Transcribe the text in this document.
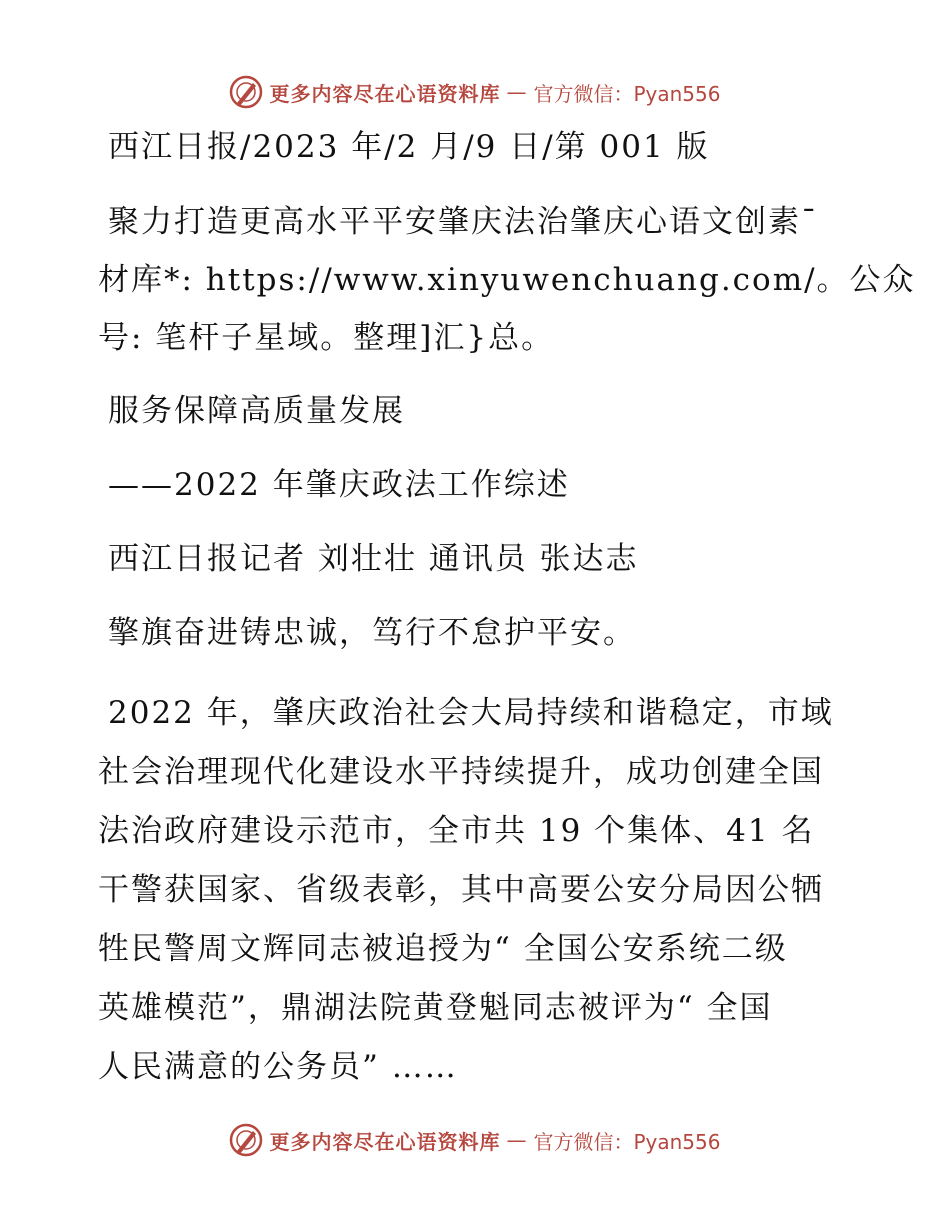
更多内容尽在心语资料库 — 官方微信：Pyan556
西江日报/2023 年/2 月/9 日/第 001 版
聚力打造更高水平平安肇庆法治肇庆心语文创素¯
材库*: https://www.xinyuwenchuang.com/。公众
号: 笔杆子星域。整理]汇}总。
服务保障高质量发展
——2022 年肇庆政法工作综述
西江日报记者 刘壮壮 通讯员 张达志
擎旗奋进铸忠诚，笃行不怠护平安。
2022 年，肇庆政治社会大局持续和谐稳定，市域
社会治理现代化建设水平持续提升，成功创建全国
法治政府建设示范市，全市共 19 个集体、41 名
干警获国家、省级表彰，其中高要公安分局因公牺
牲民警周文辉同志被追授为“ 全国公安系统二级
英雄模范”，鼎湖法院黄登魁同志被评为“ 全国
人民满意的公务员” ……
更多内容尽在心语资料库 — 官方微信：Pyan556
